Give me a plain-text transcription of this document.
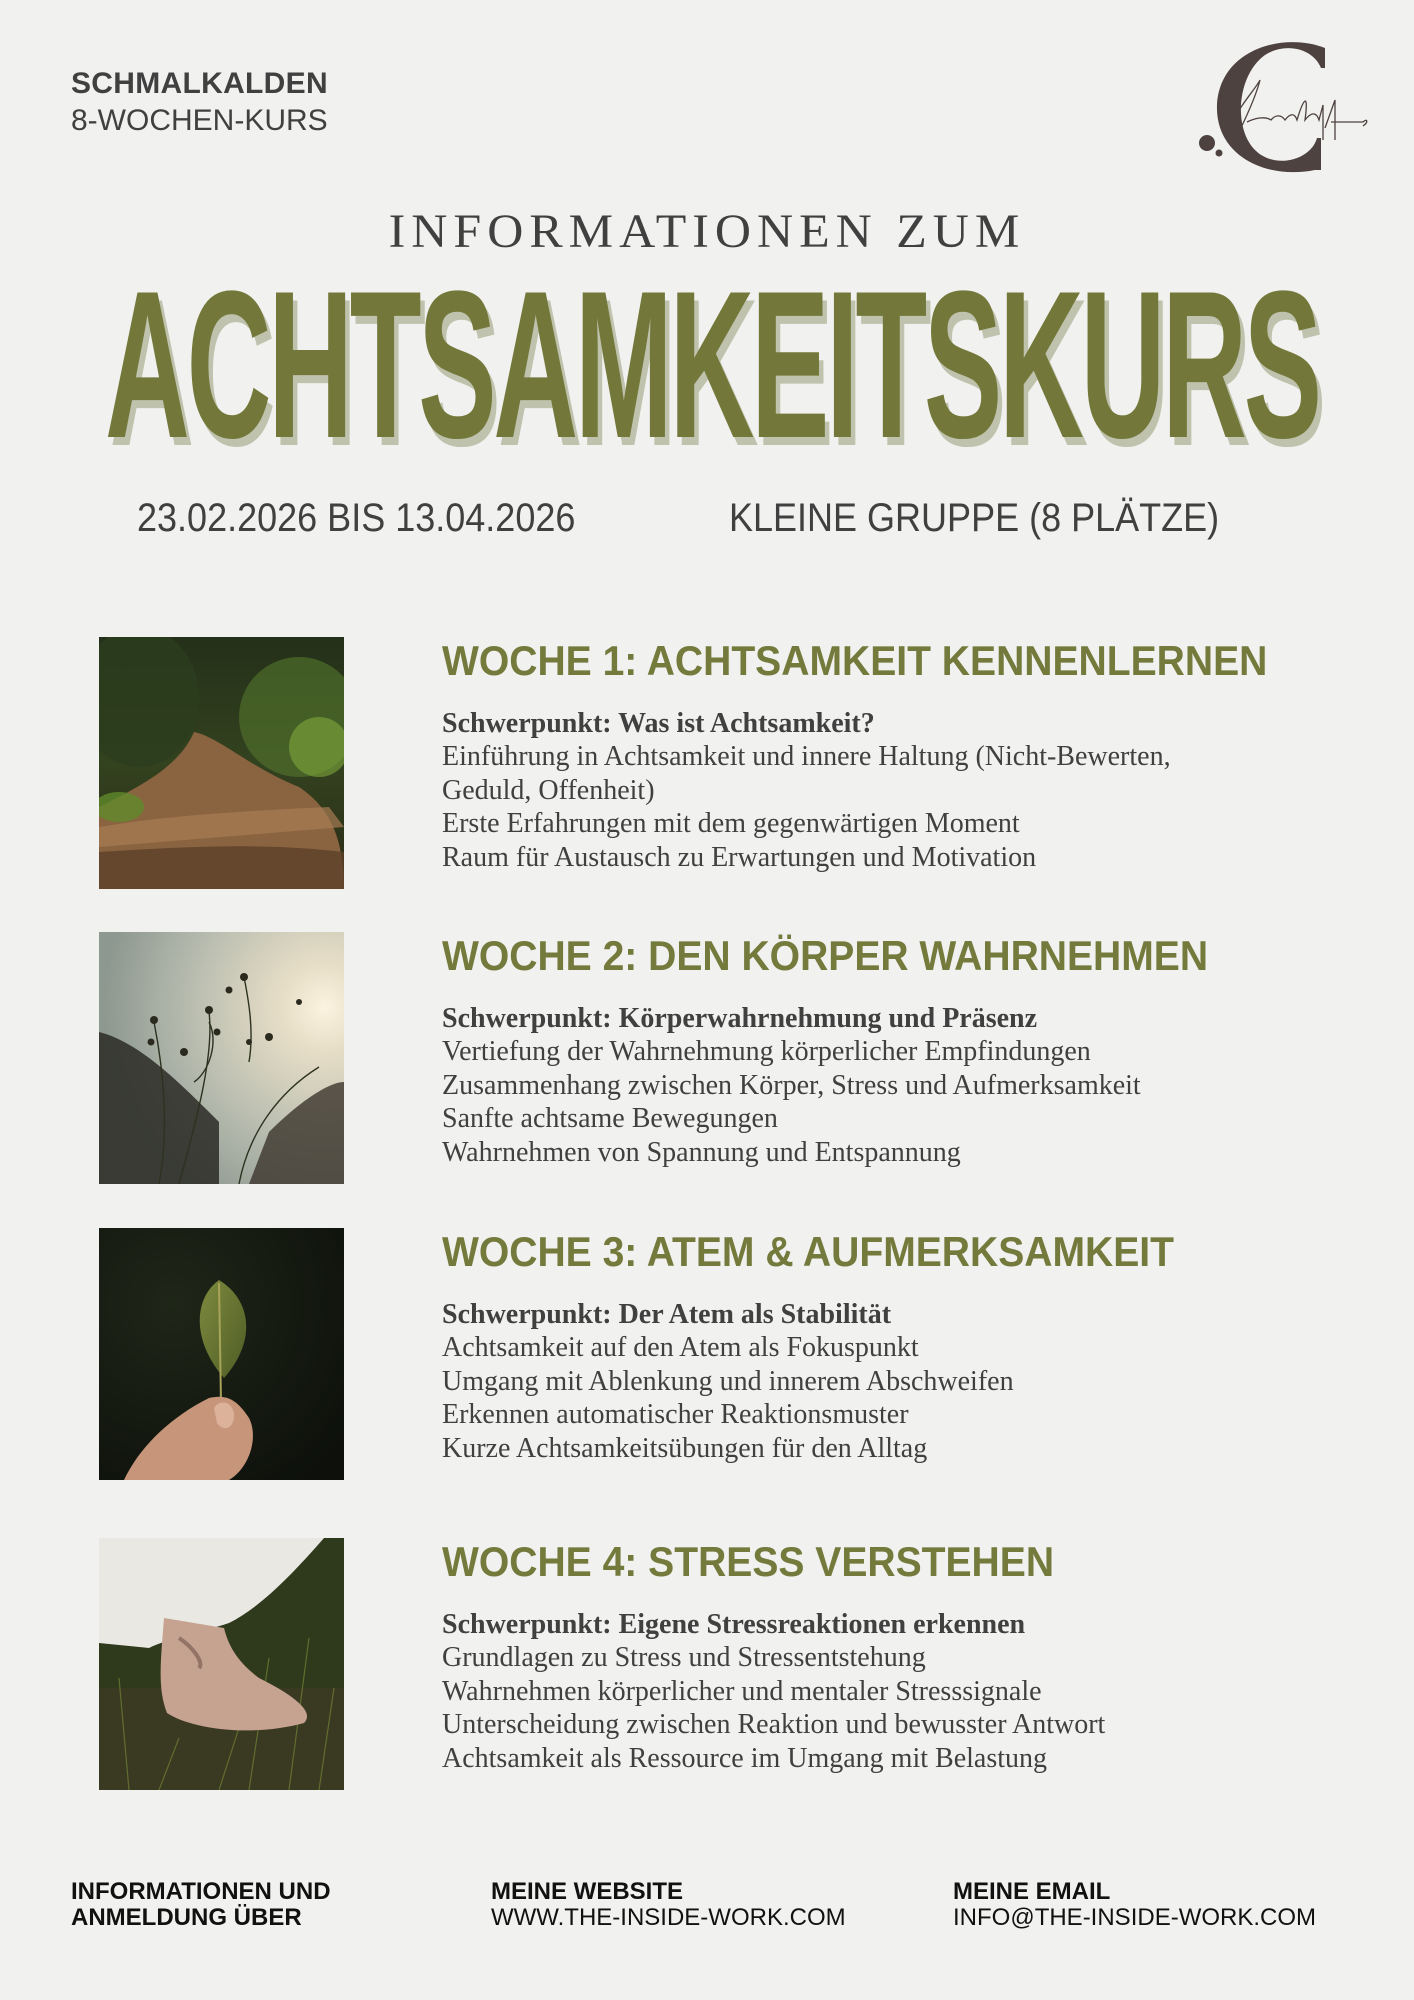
SCHMALKALDEN
8-WOCHEN-KURS
INFORMATIONEN ZUM
ACHTSAMKEITSKURS
23.02.2026 BIS 13.04.2026	KLEINE GRUPPE (8 PLÄTZE)
WOCHE 1: ACHTSAMKEIT KENNENLERNEN
Schwerpunkt: Was ist Achtsamkeit?
Einführung in Achtsamkeit und innere Haltung (Nicht-Bewerten,
Geduld, Offenheit)
Erste Erfahrungen mit dem gegenwärtigen Moment
Raum für Austausch zu Erwartungen und Motivation
WOCHE 2: DEN KÖRPER WAHRNEHMEN
Schwerpunkt: Körperwahrnehmung und Präsenz
Vertiefung der Wahrnehmung körperlicher Empfindungen
Zusammenhang zwischen Körper, Stress und Aufmerksamkeit
Sanfte achtsame Bewegungen
Wahrnehmen von Spannung und Entspannung
WOCHE 3: ATEM & AUFMERKSAMKEIT
Schwerpunkt: Der Atem als Stabilität
Achtsamkeit auf den Atem als Fokuspunkt
Umgang mit Ablenkung und innerem Abschweifen
Erkennen automatischer Reaktionsmuster
Kurze Achtsamkeitsübungen für den Alltag
WOCHE 4: STRESS VERSTEHEN
Schwerpunkt: Eigene Stressreaktionen erkennen
Grundlagen zu Stress und Stressentstehung
Wahrnehmen körperlicher und mentaler Stresssignale
Unterscheidung zwischen Reaktion und bewusster Antwort
Achtsamkeit als Ressource im Umgang mit Belastung
INFORMATIONEN UND
ANMELDUNG ÜBER
MEINE WEBSITE
WWW.THE-INSIDE-WORK.COM
MEINE EMAIL
INFO@THE-INSIDE-WORK.COM
